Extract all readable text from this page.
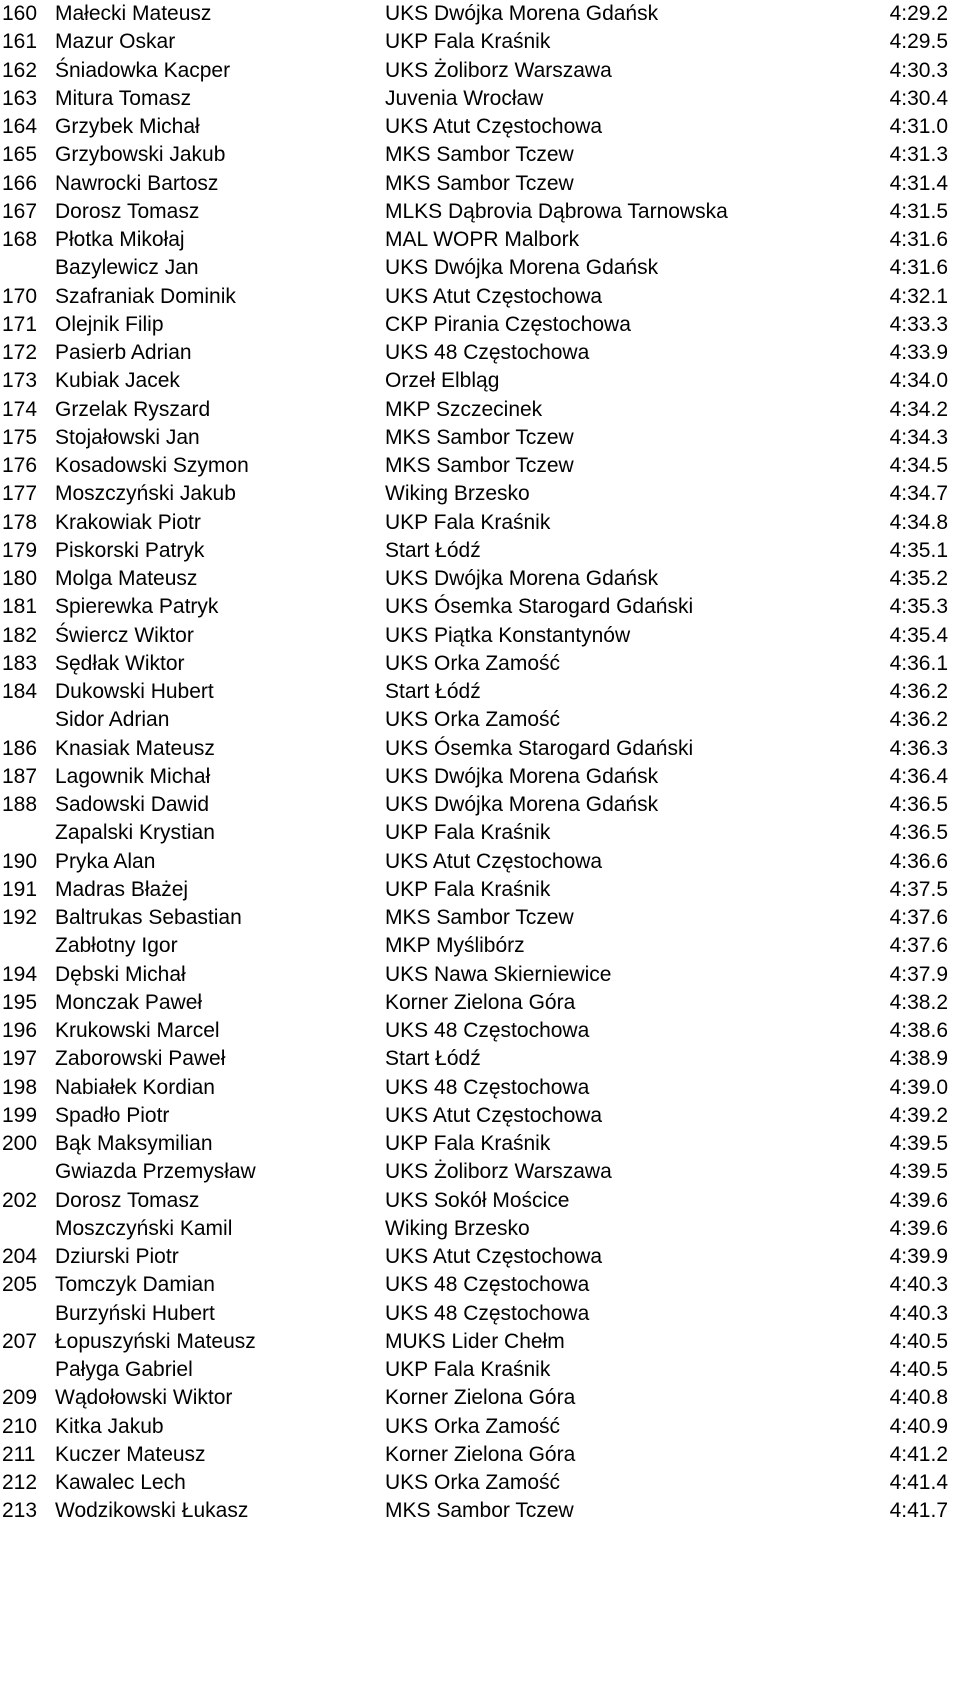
160 Małecki Mateusz	UKS Dwójka Morena Gdańsk	4:29.2
161 Mazur Oskar	UKP Fala Kraśnik	4:29.5
162 Śniadowka Kacper	UKS Żoliborz Warszawa	4:30.3
163 Mitura Tomasz	Juvenia Wrocław	4:30.4
164 Grzybek Michał	UKS Atut Częstochowa	4:31.0
165 Grzybowski Jakub	MKS Sambor Tczew	4:31.3
166 Nawrocki Bartosz	MKS Sambor Tczew	4:31.4
167 Dorosz Tomasz	MLKS Dąbrovia Dąbrowa Tarnowska	4:31.5
168 Płotka Mikołaj	MAL WOPR Malbork	4:31.6
Bazylewicz Jan	UKS Dwójka Morena Gdańsk	4:31.6
170 Szafraniak Dominik	UKS Atut Częstochowa	4:32.1
171 Olejnik Filip	CKP Pirania Częstochowa	4:33.3
172 Pasierb Adrian	UKS 48 Częstochowa	4:33.9
173 Kubiak Jacek	Orzeł Elbląg	4:34.0
174 Grzelak Ryszard	MKP Szczecinek	4:34.2
175 Stojałowski Jan	MKS Sambor Tczew	4:34.3
176 Kosadowski Szymon	MKS Sambor Tczew	4:34.5
177 Moszczyński Jakub	Wiking Brzesko	4:34.7
178 Krakowiak Piotr	UKP Fala Kraśnik	4:34.8
179 Piskorski Patryk	Start Łódź	4:35.1
180 Molga Mateusz	UKS Dwójka Morena Gdańsk	4:35.2
181 Spierewka Patryk	UKS Ósemka Starogard Gdański	4:35.3
182 Świercz Wiktor	UKS Piątka Konstantynów	4:35.4
183 Sędłak Wiktor	UKS Orka Zamość	4:36.1
184 Dukowski Hubert	Start Łódź	4:36.2
Sidor Adrian	UKS Orka Zamość	4:36.2
186 Knasiak Mateusz	UKS Ósemka Starogard Gdański	4:36.3
187 Lagownik Michał	UKS Dwójka Morena Gdańsk	4:36.4
188 Sadowski Dawid	UKS Dwójka Morena Gdańsk	4:36.5
Zapalski Krystian	UKP Fala Kraśnik	4:36.5
190 Pryka Alan	UKS Atut Częstochowa	4:36.6
191 Madras Błażej	UKP Fala Kraśnik	4:37.5
192 Baltrukas Sebastian	MKS Sambor Tczew	4:37.6
Zabłotny Igor	MKP Myślibórz	4:37.6
194 Dębski Michał	UKS Nawa Skierniewice	4:37.9
195 Monczak Paweł	Korner Zielona Góra	4:38.2
196 Krukowski Marcel	UKS 48 Częstochowa	4:38.6
197 Zaborowski Paweł	Start Łódź	4:38.9
198 Nabiałek Kordian	UKS 48 Częstochowa	4:39.0
199 Spadło Piotr	UKS Atut Częstochowa	4:39.2
200 Bąk Maksymilian	UKP Fala Kraśnik	4:39.5
Gwiazda Przemysław	UKS Żoliborz Warszawa	4:39.5
202 Dorosz Tomasz	UKS Sokół Mościce	4:39.6
Moszczyński Kamil	Wiking Brzesko	4:39.6
204 Dziurski Piotr	UKS Atut Częstochowa	4:39.9
205 Tomczyk Damian	UKS 48 Częstochowa	4:40.3
Burzyński Hubert	UKS 48 Częstochowa	4:40.3
207 Łopuszyński Mateusz	MUKS Lider Chełm	4:40.5
Pałyga Gabriel	UKP Fala Kraśnik	4:40.5
209 Wądołowski Wiktor	Korner Zielona Góra	4:40.8
210 Kitka Jakub	UKS Orka Zamość	4:40.9
211 Kuczer Mateusz	Korner Zielona Góra	4:41.2
212 Kawalec Lech	UKS Orka Zamość	4:41.4
213 Wodzikowski Łukasz	MKS Sambor Tczew	4:41.7
